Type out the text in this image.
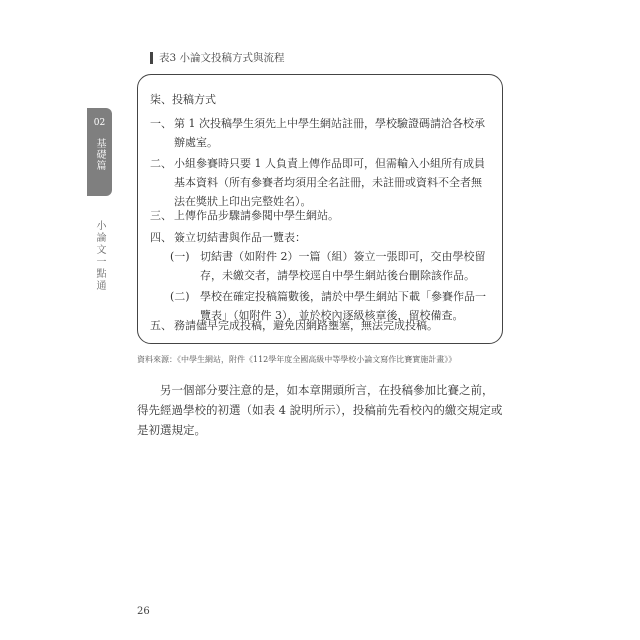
表3 小論文投稿方式與流程
02
基礎篇
小論文一點通
柒、投稿方式
一、 第 1 次投稿學生須先上中學生網站註冊，學校驗證碼請洽各校承辦處室。
二、 小組參賽時只要 1 人負責上傳作品即可，但需輸入小組所有成員基本資料（所有參賽者均須用全名註冊，未註冊或資料不全者無法在獎狀上印出完整姓名）。
三、 上傳作品步驟請參閱中學生網站。
四、 簽立切結書與作品一覽表：
(一) 切結書（如附件 2）一篇（組）簽立一張即可，交由學校留存，未繳交者，請學校逕自中學生網站後台刪除該作品。
(二) 學校在確定投稿篇數後，請於中學生網站下載「參賽作品一覽表」（如附件 3），並於校內逐級核章後，留校備查。
五、 務請儘早完成投稿，避免因網路壅塞，無法完成投稿。
資料來源：《中學生網站，附件《112學年度全國高級中等學校小論文寫作比賽實施計畫》》
另一個部分要注意的是，如本章開頭所言，在投稿參加比賽之前，得先經過學校的初選（如表 4 說明所示），投稿前先看校內的繳交規定或是初選規定。
26
